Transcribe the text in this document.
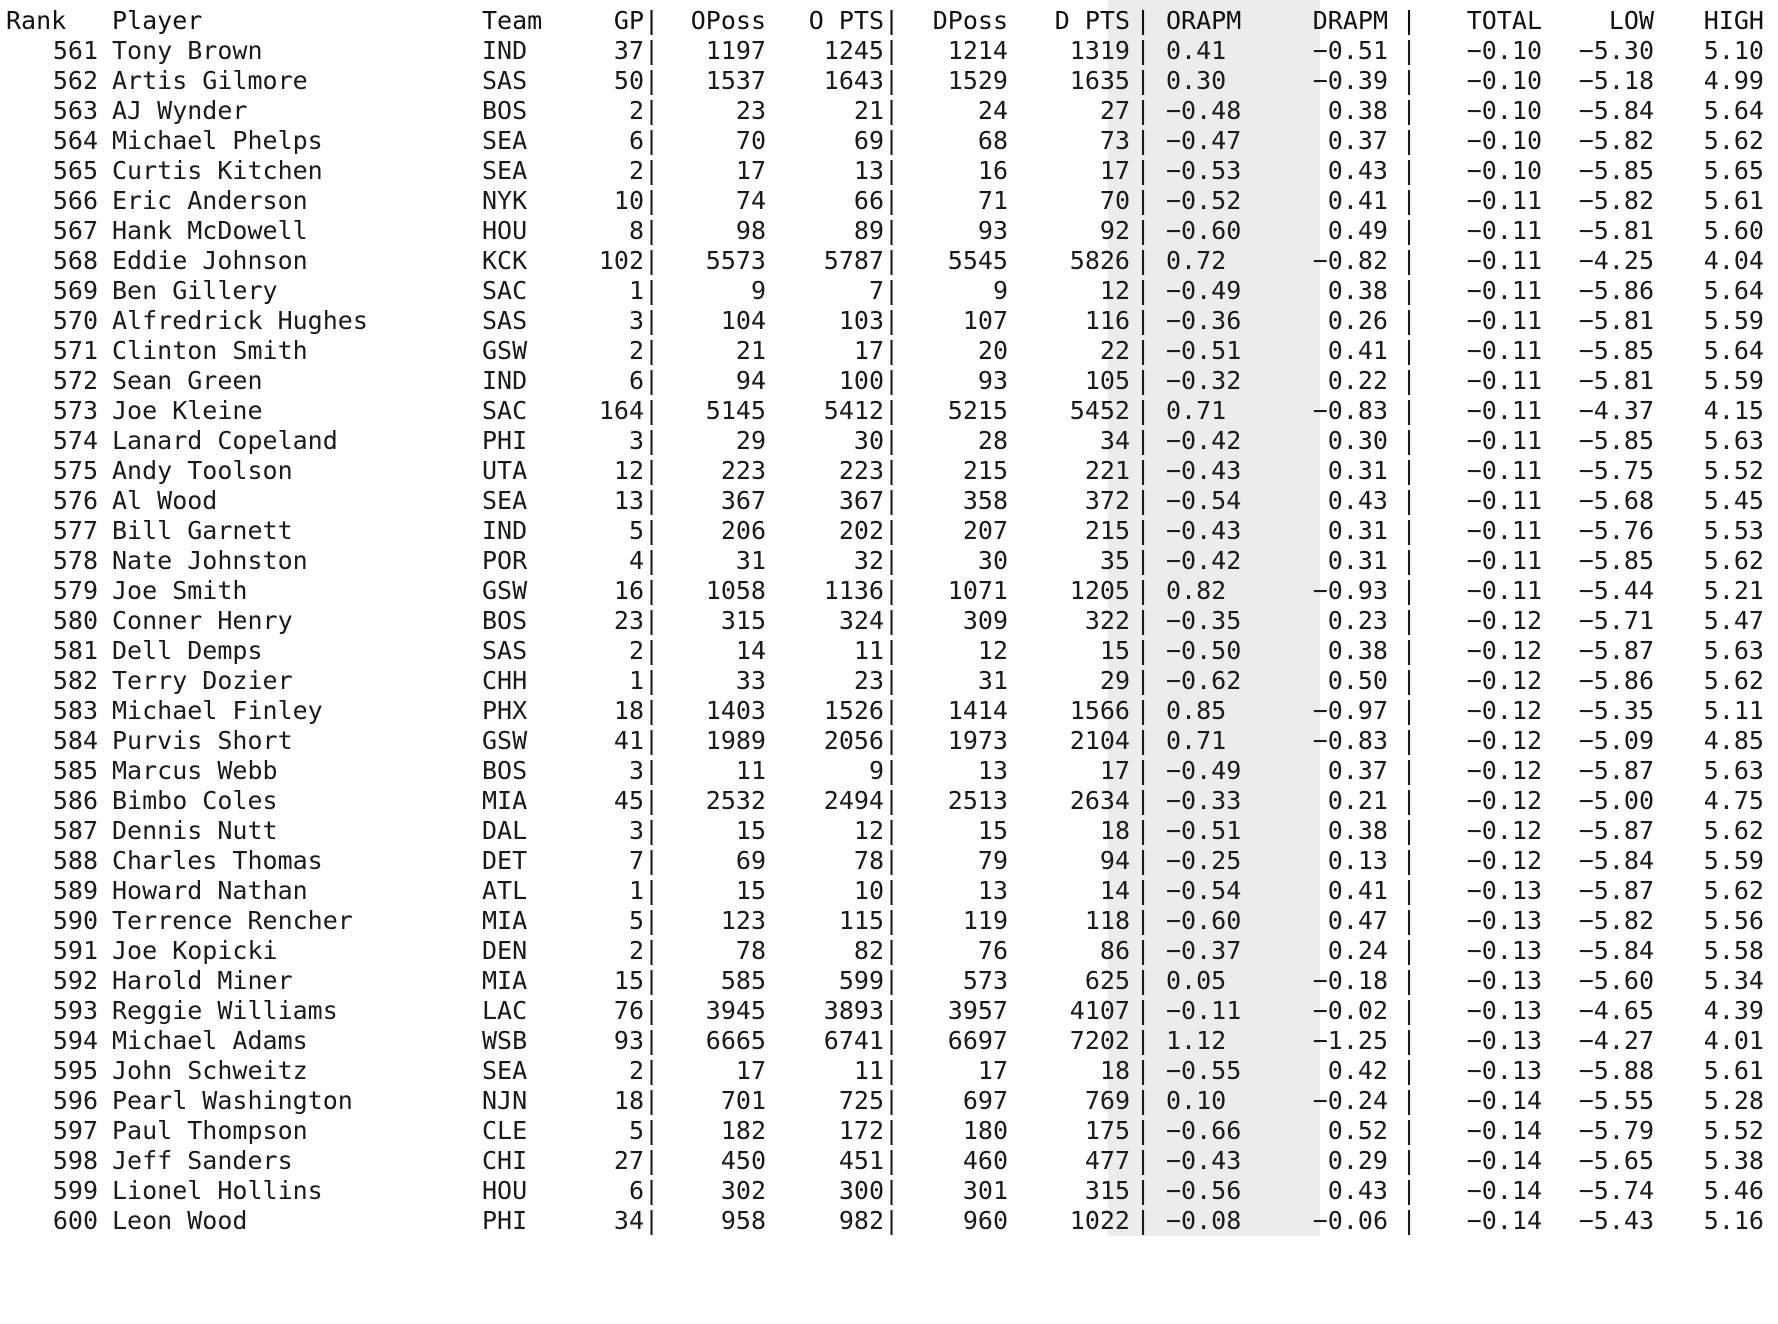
Rank	Player	Team	GP	|	OPoss	O PTS	|	DPoss	D PTS	|	ORAPM	DRAPM	|	TOTAL	LOW	HIGH
561	Tony Brown	IND	37	|	1197	1245	|	1214	1319	|	0.41	−0.51	|	−0.10	−5.30	5.10
562	Artis Gilmore	SAS	50	|	1537	1643	|	1529	1635	|	0.30	−0.39	|	−0.10	−5.18	4.99
563	AJ Wynder	BOS	2	|	23	21	|	24	27	|	−0.48	0.38	|	−0.10	−5.84	5.64
564	Michael Phelps	SEA	6	|	70	69	|	68	73	|	−0.47	0.37	|	−0.10	−5.82	5.62
565	Curtis Kitchen	SEA	2	|	17	13	|	16	17	|	−0.53	0.43	|	−0.10	−5.85	5.65
566	Eric Anderson	NYK	10	|	74	66	|	71	70	|	−0.52	0.41	|	−0.11	−5.82	5.61
567	Hank McDowell	HOU	8	|	98	89	|	93	92	|	−0.60	0.49	|	−0.11	−5.81	5.60
568	Eddie Johnson	KCK	102	|	5573	5787	|	5545	5826	|	0.72	−0.82	|	−0.11	−4.25	4.04
569	Ben Gillery	SAC	1	|	9	7	|	9	12	|	−0.49	0.38	|	−0.11	−5.86	5.64
570	Alfredrick Hughes	SAS	3	|	104	103	|	107	116	|	−0.36	0.26	|	−0.11	−5.81	5.59
571	Clinton Smith	GSW	2	|	21	17	|	20	22	|	−0.51	0.41	|	−0.11	−5.85	5.64
572	Sean Green	IND	6	|	94	100	|	93	105	|	−0.32	0.22	|	−0.11	−5.81	5.59
573	Joe Kleine	SAC	164	|	5145	5412	|	5215	5452	|	0.71	−0.83	|	−0.11	−4.37	4.15
574	Lanard Copeland	PHI	3	|	29	30	|	28	34	|	−0.42	0.30	|	−0.11	−5.85	5.63
575	Andy Toolson	UTA	12	|	223	223	|	215	221	|	−0.43	0.31	|	−0.11	−5.75	5.52
576	Al Wood	SEA	13	|	367	367	|	358	372	|	−0.54	0.43	|	−0.11	−5.68	5.45
577	Bill Garnett	IND	5	|	206	202	|	207	215	|	−0.43	0.31	|	−0.11	−5.76	5.53
578	Nate Johnston	POR	4	|	31	32	|	30	35	|	−0.42	0.31	|	−0.11	−5.85	5.62
579	Joe Smith	GSW	16	|	1058	1136	|	1071	1205	|	0.82	−0.93	|	−0.11	−5.44	5.21
580	Conner Henry	BOS	23	|	315	324	|	309	322	|	−0.35	0.23	|	−0.12	−5.71	5.47
581	Dell Demps	SAS	2	|	14	11	|	12	15	|	−0.50	0.38	|	−0.12	−5.87	5.63
582	Terry Dozier	CHH	1	|	33	23	|	31	29	|	−0.62	0.50	|	−0.12	−5.86	5.62
583	Michael Finley	PHX	18	|	1403	1526	|	1414	1566	|	0.85	−0.97	|	−0.12	−5.35	5.11
584	Purvis Short	GSW	41	|	1989	2056	|	1973	2104	|	0.71	−0.83	|	−0.12	−5.09	4.85
585	Marcus Webb	BOS	3	|	11	9	|	13	17	|	−0.49	0.37	|	−0.12	−5.87	5.63
586	Bimbo Coles	MIA	45	|	2532	2494	|	2513	2634	|	−0.33	0.21	|	−0.12	−5.00	4.75
587	Dennis Nutt	DAL	3	|	15	12	|	15	18	|	−0.51	0.38	|	−0.12	−5.87	5.62
588	Charles Thomas	DET	7	|	69	78	|	79	94	|	−0.25	0.13	|	−0.12	−5.84	5.59
589	Howard Nathan	ATL	1	|	15	10	|	13	14	|	−0.54	0.41	|	−0.13	−5.87	5.62
590	Terrence Rencher	MIA	5	|	123	115	|	119	118	|	−0.60	0.47	|	−0.13	−5.82	5.56
591	Joe Kopicki	DEN	2	|	78	82	|	76	86	|	−0.37	0.24	|	−0.13	−5.84	5.58
592	Harold Miner	MIA	15	|	585	599	|	573	625	|	0.05	−0.18	|	−0.13	−5.60	5.34
593	Reggie Williams	LAC	76	|	3945	3893	|	3957	4107	|	−0.11	−0.02	|	−0.13	−4.65	4.39
594	Michael Adams	WSB	93	|	6665	6741	|	6697	7202	|	1.12	−1.25	|	−0.13	−4.27	4.01
595	John Schweitz	SEA	2	|	17	11	|	17	18	|	−0.55	0.42	|	−0.13	−5.88	5.61
596	Pearl Washington	NJN	18	|	701	725	|	697	769	|	0.10	−0.24	|	−0.14	−5.55	5.28
597	Paul Thompson	CLE	5	|	182	172	|	180	175	|	−0.66	0.52	|	−0.14	−5.79	5.52
598	Jeff Sanders	CHI	27	|	450	451	|	460	477	|	−0.43	0.29	|	−0.14	−5.65	5.38
599	Lionel Hollins	HOU	6	|	302	300	|	301	315	|	−0.56	0.43	|	−0.14	−5.74	5.46
600	Leon Wood	PHI	34	|	958	982	|	960	1022	|	−0.08	−0.06	|	−0.14	−5.43	5.16
